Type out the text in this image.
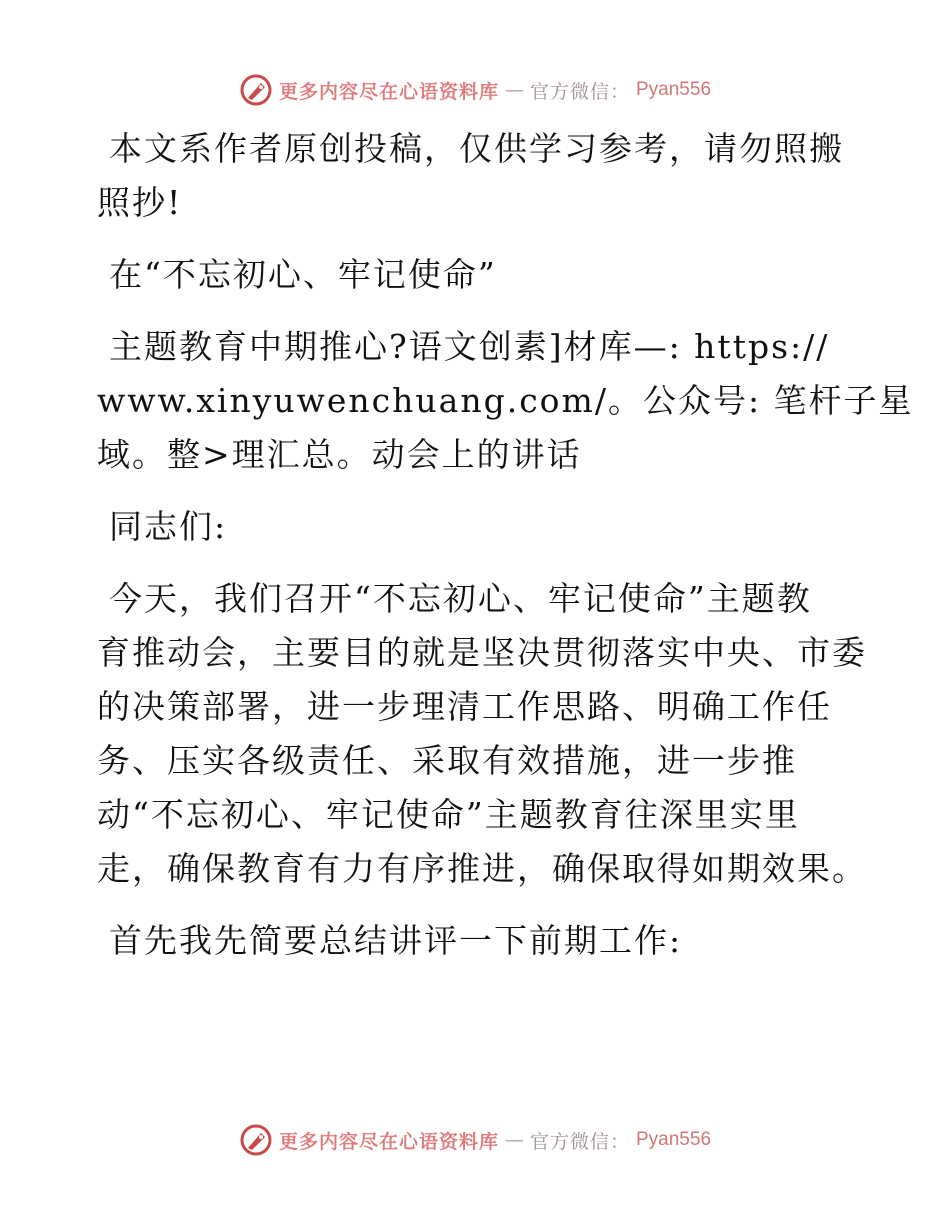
更多内容尽在心语资料库 — 官方微信： Pyan556

本文系作者原创投稿，仅供学习参考，请勿照搬
照抄!

在“不忘初心、牢记使命”

主题教育中期推心?语文创素]材库—: https://
www.xinyuwenchuang.com/。公众号: 笔杆子星
域。整>理汇总。动会上的讲话

同志们:

今天，我们召开“不忘初心、牢记使命”主题教
育推动会，主要目的就是坚决贯彻落实中央、市委
的决策部署，进一步理清工作思路、明确工作任
务、压实各级责任、采取有效措施，进一步推
动“不忘初心、牢记使命”主题教育往深里实里
走，确保教育有力有序推进，确保取得如期效果。

首先我先简要总结讲评一下前期工作:

更多内容尽在心语资料库 — 官方微信： Pyan556
